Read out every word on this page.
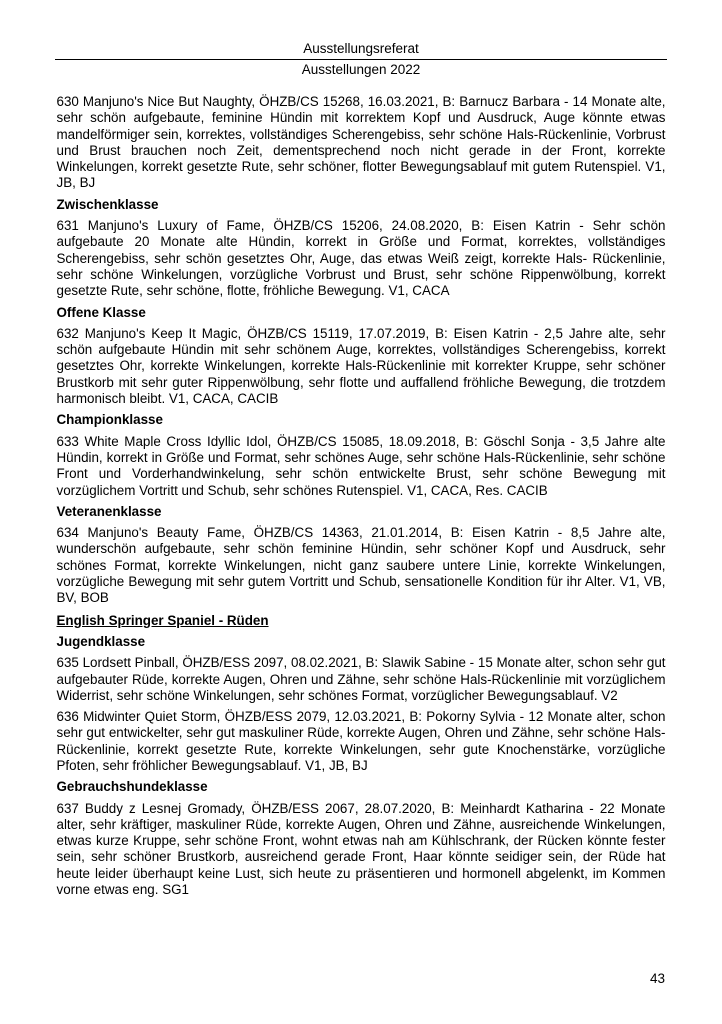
Ausstellungsreferat
Ausstellungen 2022

630 Manjuno's Nice But Naughty, ÖHZB/CS 15268, 16.03.2021, B: Barnucz Barbara - 14 Monate alte, sehr schön aufgebaute, feminine Hündin mit korrektem Kopf und Ausdruck, Auge könnte etwas mandelförmiger sein, korrektes, vollständiges Scherengebiss, sehr schöne Hals-Rückenlinie, Vorbrust und Brust brauchen noch Zeit, dementsprechend noch nicht gerade in der Front, korrekte Winkelungen, korrekt gesetzte Rute, sehr schöner, flotter Bewegungsablauf mit gutem Rutenspiel. V1, JB, BJ

Zwischenklasse

631 Manjuno's Luxury of Fame, ÖHZB/CS 15206, 24.08.2020, B: Eisen Katrin - Sehr schön aufgebaute 20 Monate alte Hündin, korrekt in Größe und Format, korrektes, vollständiges Scherengebiss, sehr schön gesetztes Ohr, Auge, das etwas Weiß zeigt, korrekte Hals- Rückenlinie, sehr schöne Winkelungen, vorzügliche Vorbrust und Brust, sehr schöne Rippenwölbung, korrekt gesetzte Rute, sehr schöne, flotte, fröhliche Bewegung. V1, CACA

Offene Klasse

632 Manjuno's Keep It Magic, ÖHZB/CS 15119, 17.07.2019, B: Eisen Katrin - 2,5 Jahre alte, sehr schön aufgebaute Hündin mit sehr schönem Auge, korrektes, vollständiges Scherengebiss, korrekt gesetztes Ohr, korrekte Winkelungen, korrekte Hals-Rückenlinie mit korrekter Kruppe, sehr schöner Brustkorb mit sehr guter Rippenwölbung, sehr flotte und auffallend fröhliche Bewegung, die trotzdem harmonisch bleibt. V1, CACA, CACIB

Championklasse

633 White Maple Cross Idyllic Idol, ÖHZB/CS 15085, 18.09.2018, B: Göschl Sonja - 3,5 Jahre alte Hündin, korrekt in Größe und Format, sehr schönes Auge, sehr schöne Hals-Rückenlinie, sehr schöne Front und Vorderhandwinkelung, sehr schön entwickelte Brust, sehr schöne Bewegung mit vorzüglichem Vortritt und Schub, sehr schönes Rutenspiel. V1, CACA, Res. CACIB

Veteranenklasse

634 Manjuno's Beauty Fame, ÖHZB/CS 14363, 21.01.2014, B: Eisen Katrin - 8,5 Jahre alte, wunderschön aufgebaute, sehr schön feminine Hündin, sehr schöner Kopf und Ausdruck, sehr schönes Format, korrekte Winkelungen, nicht ganz saubere untere Linie, korrekte Winkelungen, vorzügliche Bewegung mit sehr gutem Vortritt und Schub, sensationelle Kondition für ihr Alter. V1, VB, BV, BOB

English Springer Spaniel - Rüden
Jugendklasse

635 Lordsett Pinball, ÖHZB/ESS 2097, 08.02.2021, B: Slawik Sabine - 15 Monate alter, schon sehr gut aufgebauter Rüde, korrekte Augen, Ohren und Zähne, sehr schöne Hals-Rückenlinie mit vorzüglichem Widerrist, sehr schöne Winkelungen, sehr schönes Format, vorzüglicher Bewegungsablauf. V2

636 Midwinter Quiet Storm, ÖHZB/ESS 2079, 12.03.2021, B: Pokorny Sylvia - 12 Monate alter, schon sehr gut entwickelter, sehr gut maskuliner Rüde, korrekte Augen, Ohren und Zähne, sehr schöne Hals-Rückenlinie, korrekt gesetzte Rute, korrekte Winkelungen, sehr gute Knochenstärke, vorzügliche Pfoten, sehr fröhlicher Bewegungsablauf. V1, JB, BJ

Gebrauchshundeklasse

637 Buddy z Lesnej Gromady, ÖHZB/ESS 2067, 28.07.2020, B: Meinhardt Katharina - 22 Monate alter, sehr kräftiger, maskuliner Rüde, korrekte Augen, Ohren und Zähne, ausreichende Winkelungen, etwas kurze Kruppe, sehr schöne Front, wohnt etwas nah am Kühlschrank, der Rücken könnte fester sein, sehr schöner Brustkorb, ausreichend gerade Front, Haar könnte seidiger sein, der Rüde hat heute leider überhaupt keine Lust, sich heute zu präsentieren und hormonell abgelenkt, im Kommen vorne etwas eng. SG1

43
